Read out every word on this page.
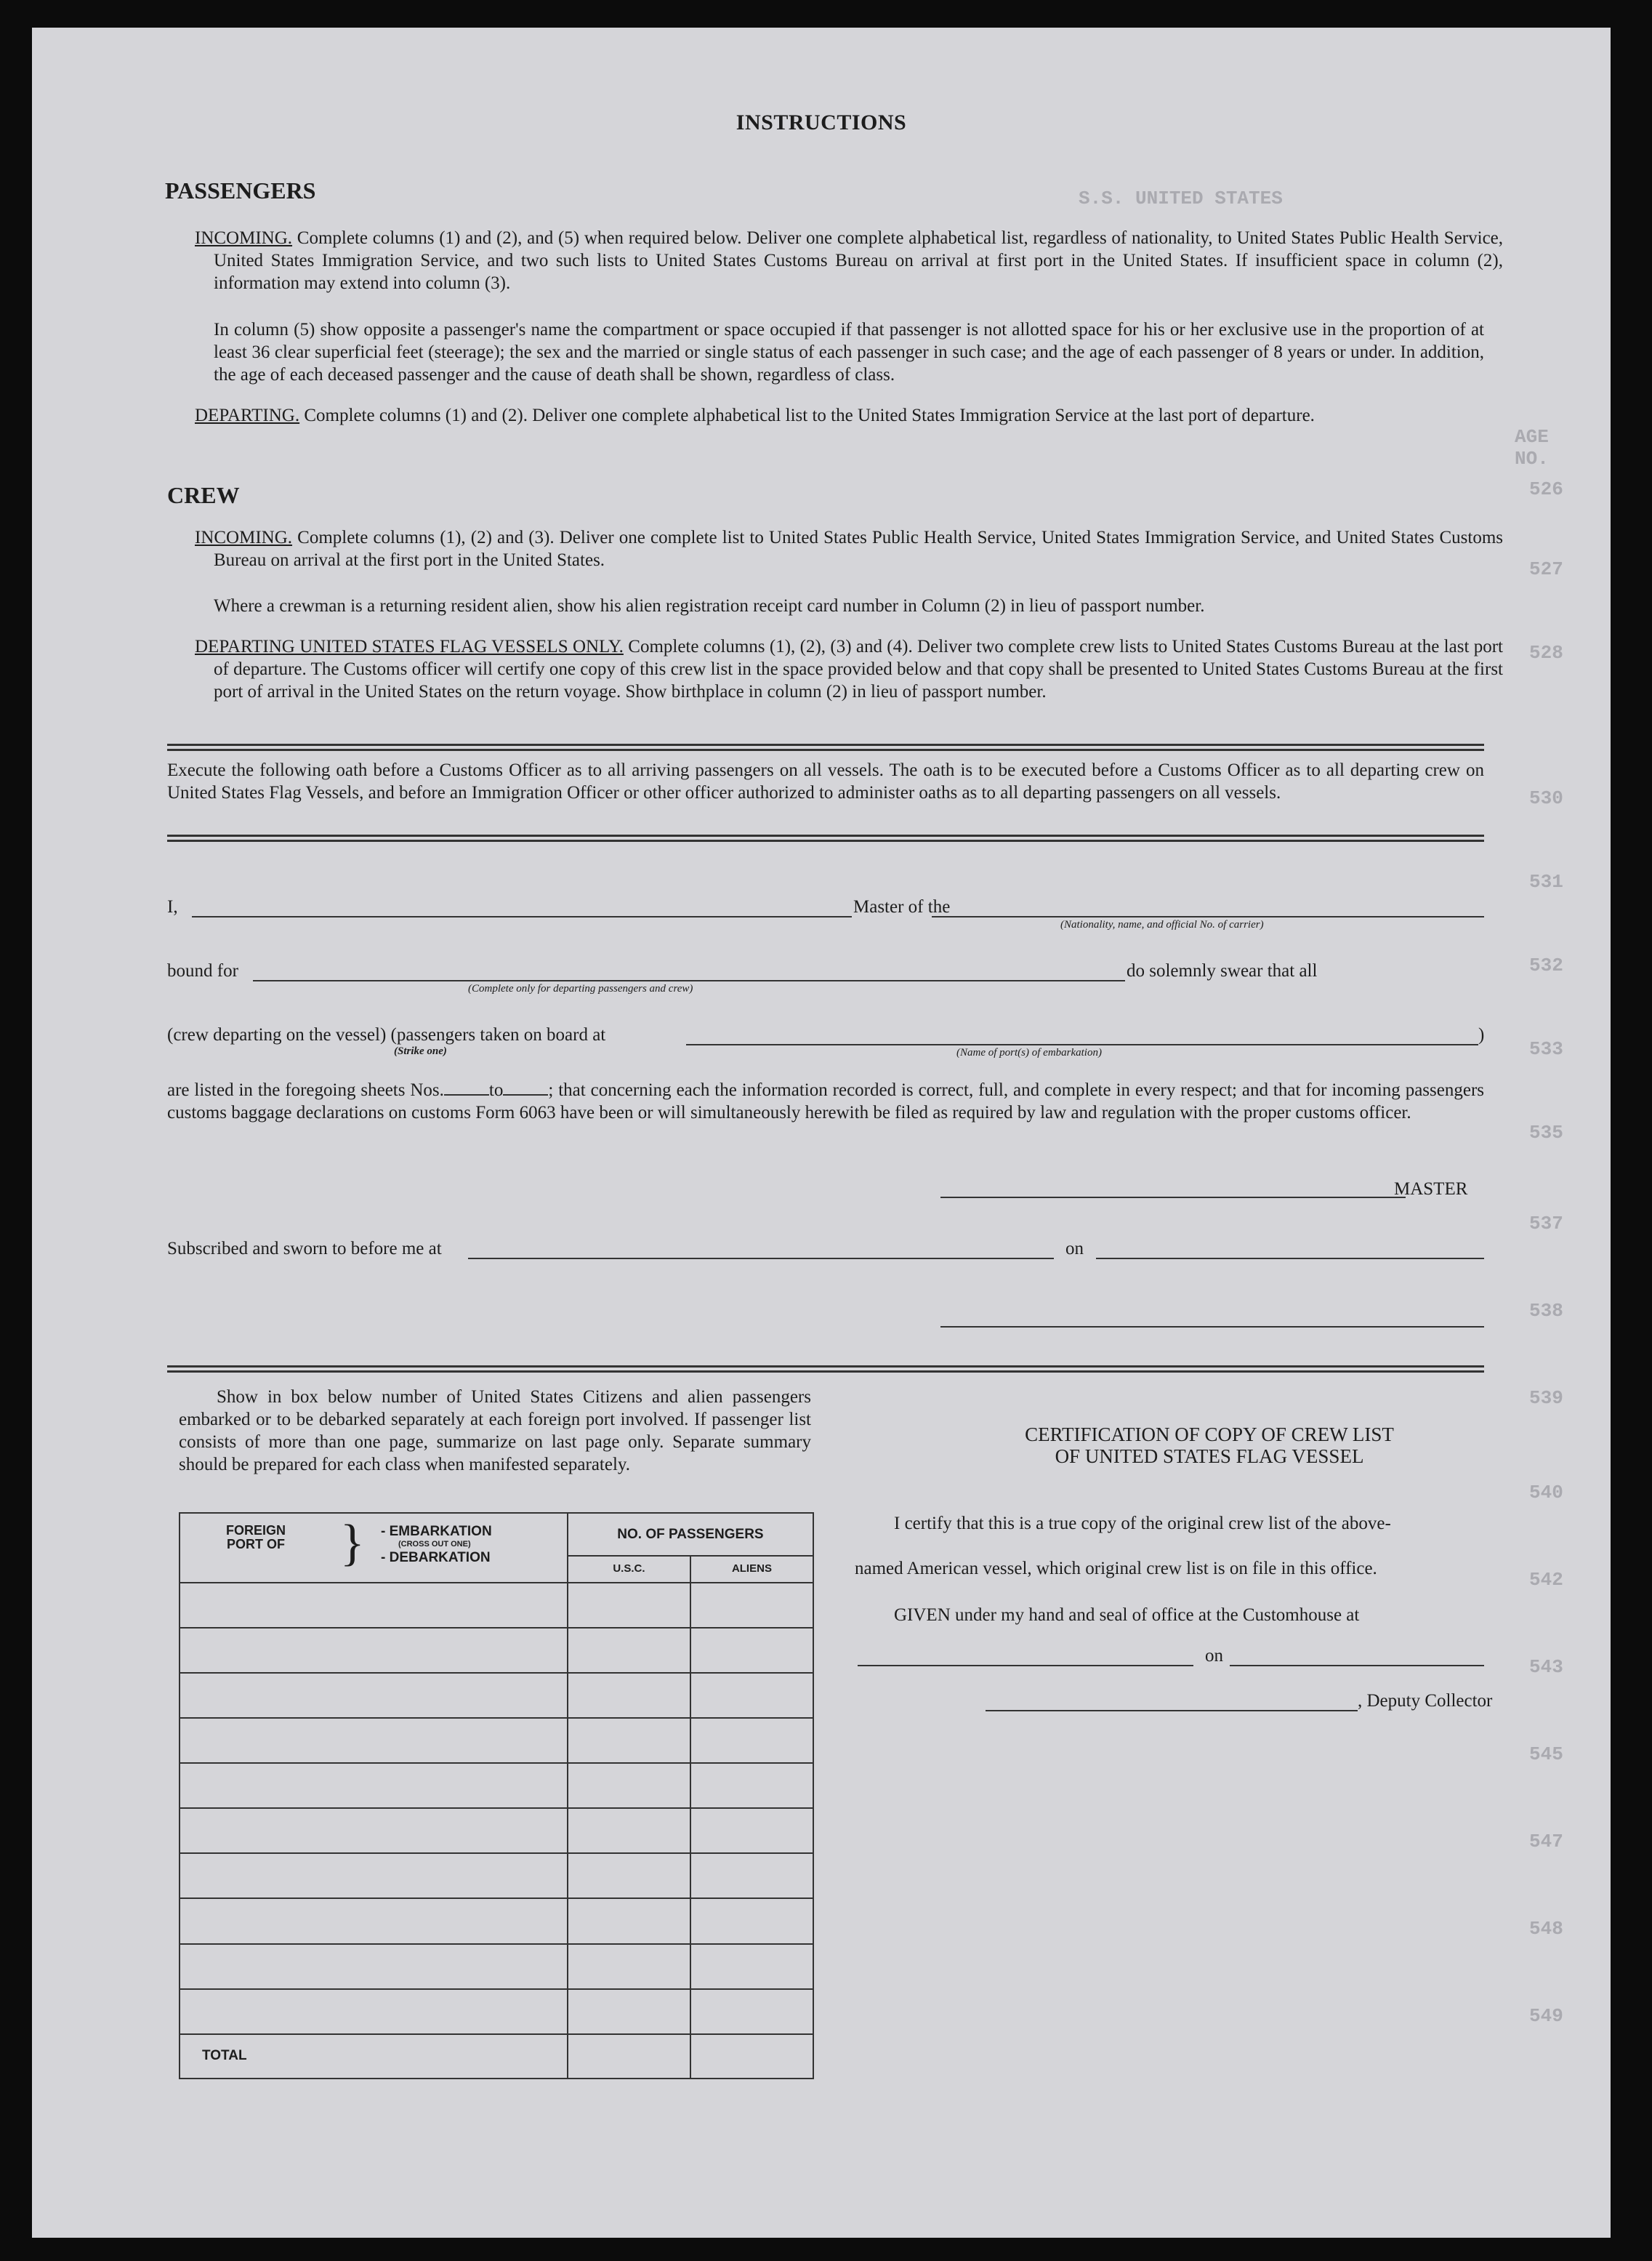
AGE
NO.
526
527
528
530
531
532
533
535
537
538
539
540
542
543
545
547
548
549
S.S. UNITED STATES
INSTRUCTIONS
PASSENGERS
INCOMING. Complete columns (1) and (2), and (5) when required below. Deliver one complete alphabetical list, regardless of nationality, to United States Public Health Service, United States Immigration Service, and two such lists to United States Customs Bureau on arrival at first port in the United States. If insufficient space in column (2), information may extend into column (3).
In column (5) show opposite a passenger's name the compartment or space occupied if that passenger is not allotted space for his or her exclusive use in the proportion of at least 36 clear superficial feet (steerage); the sex and the married or single status of each passenger in such case; and the age of each passenger of 8 years or under. In addition, the age of each deceased passenger and the cause of death shall be shown, regardless of class.
DEPARTING. Complete columns (1) and (2). Deliver one complete alphabetical list to the United States Immigration Service at the last port of departure.
CREW
INCOMING. Complete columns (1), (2) and (3). Deliver one complete list to United States Public Health Service, United States Immigration Service, and United States Customs Bureau on arrival at the first port in the United States.
Where a crewman is a returning resident alien, show his alien registration receipt card number in Column (2) in lieu of passport number.
DEPARTING UNITED STATES FLAG VESSELS ONLY. Complete columns (1), (2), (3) and (4). Deliver two complete crew lists to United States Customs Bureau at the last port of departure. The Customs officer will certify one copy of this crew list in the space provided below and that copy shall be presented to United States Customs Bureau at the first port of arrival in the United States on the return voyage. Show birthplace in column (2) in lieu of passport number.
Execute the following oath before a Customs Officer as to all arriving passengers on all vessels. The oath is to be executed before a Customs Officer as to all departing crew on United States Flag Vessels, and before an Immigration Officer or other officer authorized to administer oaths as to all departing passengers on all vessels.
I,	Master of the
(Nationality, name, and official No. of carrier)
bound for
(Complete only for departing passengers and crew)
do solemnly swear that all
(crew departing on the vessel) (passengers taken on board at	)
(Strike one)	(Name of port(s) of embarkation)
are listed in the foregoing sheets Nos. to ; that concerning each the information recorded is correct, full, and complete in every respect; and that for incoming passengers customs baggage declarations on customs Form 6063 have been or will simultaneously herewith be filed as required by law and regulation with the proper customs officer.
MASTER
Subscribed and sworn to before me at	on
Show in box below number of United States Citizens and alien passengers embarked or to be debarked separately at each foreign port involved. If passenger list consists of more than one page, summarize on last page only. Separate summary should be prepared for each class when manifested separately.
FOREIGN PORT OF } - EMBARKATION
(CROSS OUT ONE)
- DEBARKATION	NO. OF PASSENGERS	
	U.S.C.	ALIENS

TOTAL		
CERTIFICATION OF COPY OF CREW LIST
OF UNITED STATES FLAG VESSEL
I certify that this is a true copy of the original crew list of the above-
named American vessel, which original crew list is on file in this office.
GIVEN under my hand and seal of office at the Customhouse at
on
, Deputy Collector
